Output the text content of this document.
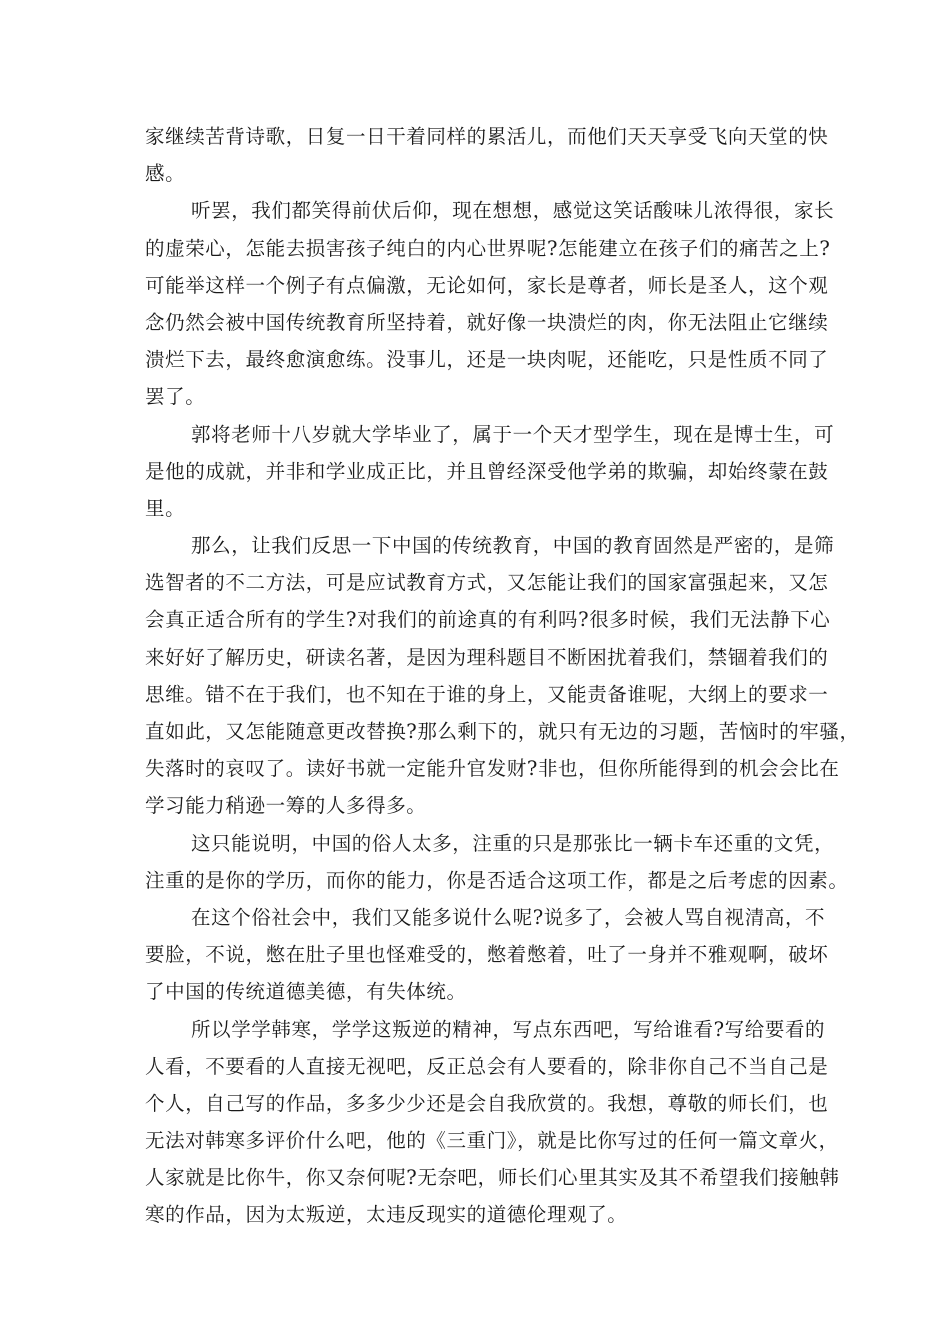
家继续苦背诗歌，日复一日干着同样的累活儿，而他们天天享受飞向天堂的快
感。
听罢，我们都笑得前伏后仰，现在想想，感觉这笑话酸味儿浓得很，家长
的虚荣心，怎能去损害孩子纯白的内心世界呢?怎能建立在孩子们的痛苦之上?
可能举这样一个例子有点偏激，无论如何，家长是尊者，师长是圣人，这个观
念仍然会被中国传统教育所坚持着，就好像一块溃烂的肉，你无法阻止它继续
溃烂下去，最终愈演愈练。没事儿，还是一块肉呢，还能吃，只是性质不同了
罢了。
郭将老师十八岁就大学毕业了，属于一个天才型学生，现在是博士生，可
是他的成就，并非和学业成正比，并且曾经深受他学弟的欺骗，却始终蒙在鼓
里。
那么，让我们反思一下中国的传统教育，中国的教育固然是严密的，是筛
选智者的不二方法，可是应试教育方式，又怎能让我们的国家富强起来，又怎
会真正适合所有的学生?对我们的前途真的有利吗?很多时候，我们无法静下心
来好好了解历史，研读名著，是因为理科题目不断困扰着我们，禁锢着我们的
思维。错不在于我们，也不知在于谁的身上，又能责备谁呢，大纲上的要求一
直如此，又怎能随意更改替换?那么剩下的，就只有无边的习题，苦恼时的牢骚，
失落时的哀叹了。读好书就一定能升官发财?非也，但你所能得到的机会会比在
学习能力稍逊一筹的人多得多。
这只能说明，中国的俗人太多，注重的只是那张比一辆卡车还重的文凭，
注重的是你的学历，而你的能力，你是否适合这项工作，都是之后考虑的因素。
在这个俗社会中，我们又能多说什么呢?说多了，会被人骂自视清高，不
要脸，不说，憋在肚子里也怪难受的，憋着憋着，吐了一身并不雅观啊，破坏
了中国的传统道德美德，有失体统。
所以学学韩寒，学学这叛逆的精神，写点东西吧，写给谁看?写给要看的
人看，不要看的人直接无视吧，反正总会有人要看的，除非你自己不当自己是
个人，自己写的作品，多多少少还是会自我欣赏的。我想，尊敬的师长们，也
无法对韩寒多评价什么吧，他的《三重门》，就是比你写过的任何一篇文章火，
人家就是比你牛，你又奈何呢?无奈吧，师长们心里其实及其不希望我们接触韩
寒的作品，因为太叛逆，太违反现实的道德伦理观了。
